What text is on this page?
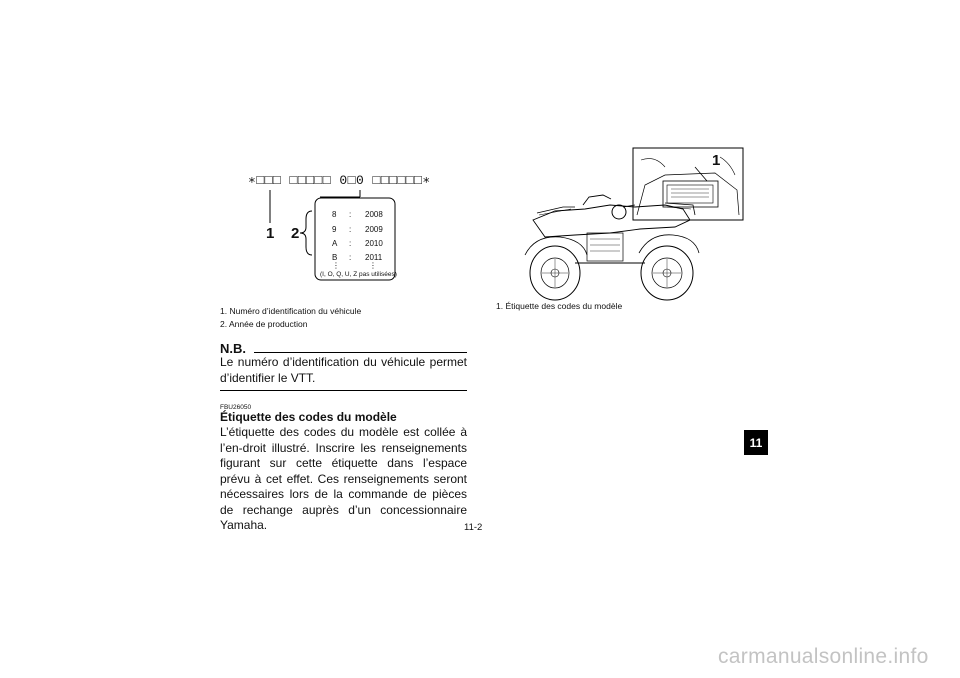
∗□□□ □□□□□ 0□0 □□□□□□∗
1 2
8 : 2008
9 : 2009
A : 2010
B : 2011
⋮	⋮
(I, O, Q, U, Z pas utilisées)
1. Numéro d’identification du véhicule
2. Année de production
N.B.
Le numéro d’identification du véhicule permet d’identifier le VTT.
FBU26050
Étiquette des codes du modèle
L’étiquette des codes du modèle est collée à l’en-droit illustré. Inscrire les renseignements figurant sur cette étiquette dans l’espace prévu à cet effet. Ces renseignements seront nécessaires lors de la commande de pièces de rechange auprès d’un concessionnaire Yamaha.
1
1. Étiquette des codes du modèle
11
11-2
carmanualsonline.info
